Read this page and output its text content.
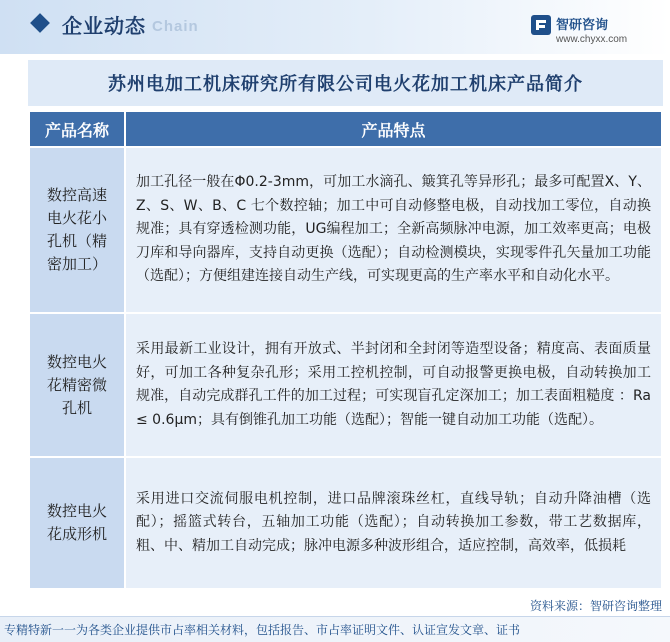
企业动态 Chain	智研咨询
www.chyxx.com
苏州电加工机床研究所有限公司电火花加工机床产品简介
产品名称	产品特点
数控高速电火花小孔机（精密加工）	加工孔径一般在Φ0.2-3mm，可加工水滴孔、簸箕孔等异形孔；最多可配置X、Y、Z、S、W、B、C 七个数控轴；加工中可自动修整电极，自动找加工零位，自动换规准；具有穿透检测功能，UG编程加工；全新高频脉冲电源，加工效率更高；电极刀库和导向器库，支持自动更换（选配）；自动检测模块，实现零件孔矢量加工功能（选配）；方便组建连接自动生产线，可实现更高的生产率水平和自动化水平。
数控电火花精密微孔机	采用最新工业设计，拥有开放式、半封闭和全封闭等造型设备；精度高、表面质量好，可加工各种复杂孔形；采用工控机控制，可自动报警更换电极，自动转换加工规准，自动完成群孔工件的加工过程；可实现盲孔定深加工；加工表面粗糙度 ：Ra ≤ 0.6μm；具有倒锥孔加工功能（选配）；智能一键自动加工功能（选配）。
数控电火花成形机	采用进口交流伺服电机控制，进口品牌滚珠丝杠，直线导轨；自动升降油槽（选配）；摇篮式转台，五轴加工功能（选配）；自动转换加工参数，带工艺数据库，粗、中、精加工自动完成；脉冲电源多种波形组合，适应控制，高效率，低损耗
资料来源：智研咨询整理
专精特新一一为各类企业提供市占率相关材料，包括报告、市占率证明文件、认证宣发文章、证书
